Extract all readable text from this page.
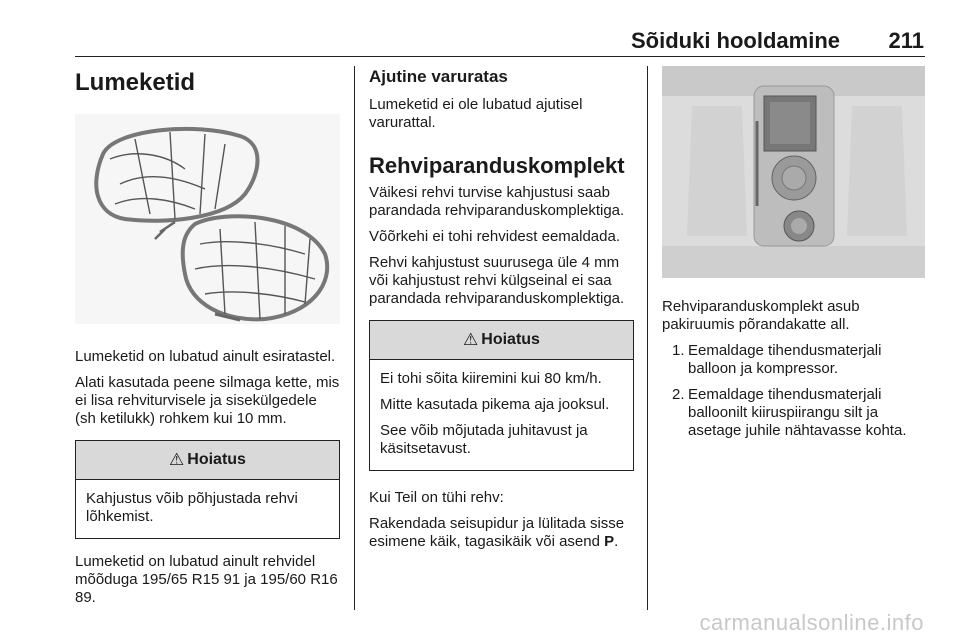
Sõiduki hooldamine 211
Lumeketid

Lumeketid on lubatud ainult esiratastel.

Alati kasutada peene silmaga kette, mis ei lisa rehviturvisele ja sisekülgedele (sh ketilukk) rohkem kui 10 mm.

⚠ Hoiatus

Kahjustus võib põhjustada rehvi lõhkemist.

Lumeketid on lubatud ainult rehvidel mõõduga 195/65 R15 91 ja 195/60 R16 89.

Ajutine varuratas

Lumeketid ei ole lubatud ajutisel varurattal.

Rehviparanduskomplekt

Väikesi rehvi turvise kahjustusi saab parandada rehviparanduskomplektiga.

Võõrkehi ei tohi rehvidest eemaldada.

Rehvi kahjustust suurusega üle 4 mm või kahjustust rehvi külgseinal ei saa parandada rehviparanduskomplektiga.

⚠ Hoiatus

Ei tohi sõita kiiremini kui 80 km/h.

Mitte kasutada pikema aja jooksul.

See võib mõjutada juhitavust ja käsitsetavust.

Kui Teil on tühi rehv:

Rakendada seisupidur ja lülitada sisse esimene käik, tagasikäik või asend P.

Rehviparanduskomplekt asub pakiruumis põrandakatte all.

1. Eemaldage tihendusmaterjali balloon ja kompressor.
2. Eemaldage tihendusmaterjali balloonilt kiiruspiirangu silt ja asetage juhile nähtavasse kohta.
carmanualsonline.info
